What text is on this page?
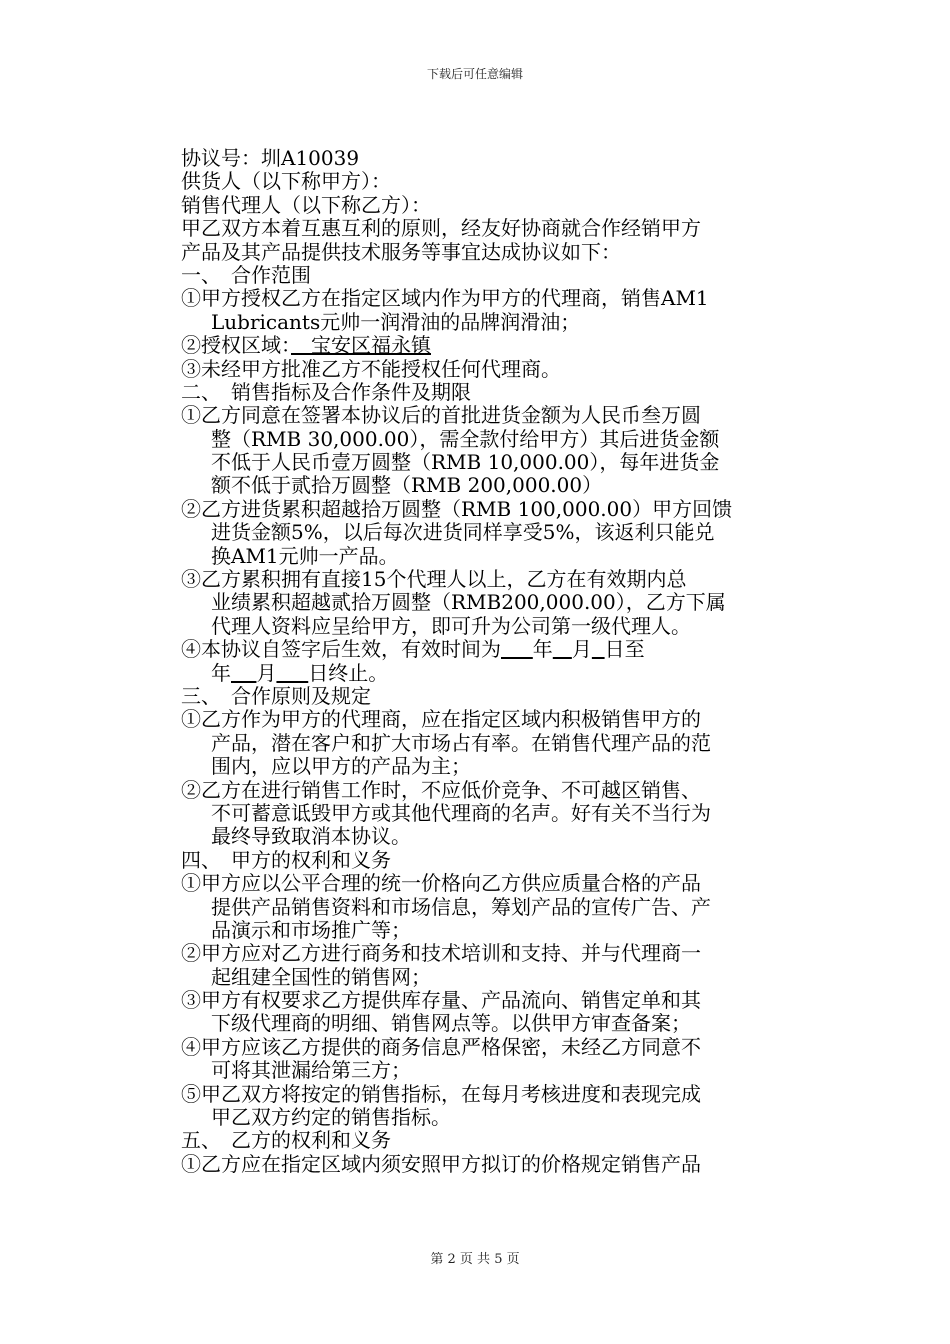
下载后可任意编辑
协议号：圳A10039
供货人（以下称甲方）：
销售代理人（以下称乙方）：
甲乙双方本着互惠互利的原则，经友好协商就合作经销甲方
产品及其产品提供技术服务等事宜达成协议如下：
一、　合作范围
①甲方授权乙方在指定区域内作为甲方的代理商，销售AM1
Lubricants元帅一润滑油的品牌润滑油；
②授权区域：　宝安区福永镇
③未经甲方批准乙方不能授权任何代理商。
二、　销售指标及合作条件及期限
①乙方同意在签署本协议后的首批进货金额为人民币叁万圆
整（RMB 30,000.00），需全款付给甲方）其后进货金额
不低于人民币壹万圆整（RMB 10,000.00），每年进货金
额不低于贰拾万圆整（RMB 200,000.00）
②乙方进货累积超越拾万圆整（RMB 100,000.00）甲方回馈
进货金额5%，以后每次进货同样享受5%，该返利只能兑
换AM1元帅一产品。
③乙方累积拥有直接15个代理人以上，乙方在有效期内总
业绩累积超越贰拾万圆整（RMB200,000.00），乙方下属
代理人资料应呈给甲方，即可升为公司第一级代理人。
④本协议自签字后生效，有效时间为 年 月 日至
年 月 日终止。
三、　合作原则及规定
①乙方作为甲方的代理商，应在指定区域内积极销售甲方的
产品，潜在客户和扩大市场占有率。在销售代理产品的范
围内，应以甲方的产品为主；
②乙方在进行销售工作时，不应低价竞争、不可越区销售、
不可蓄意诋毁甲方或其他代理商的名声。好有关不当行为
最终导致取消本协议。
四、　甲方的权利和义务
①甲方应以公平合理的统一价格向乙方供应质量合格的产品
提供产品销售资料和市场信息，筹划产品的宣传广告、产
品演示和市场推广等；
②甲方应对乙方进行商务和技术培训和支持、并与代理商一
起组建全国性的销售网；
③甲方有权要求乙方提供库存量、产品流向、销售定单和其
下级代理商的明细、销售网点等。以供甲方审查备案；
④甲方应该乙方提供的商务信息严格保密，未经乙方同意不
可将其泄漏给第三方；
⑤甲乙双方将按定的销售指标，在每月考核进度和表现完成
甲乙双方约定的销售指标。
五、　乙方的权利和义务
①乙方应在指定区域内须安照甲方拟订的价格规定销售产品
第 2 页 共 5 页
